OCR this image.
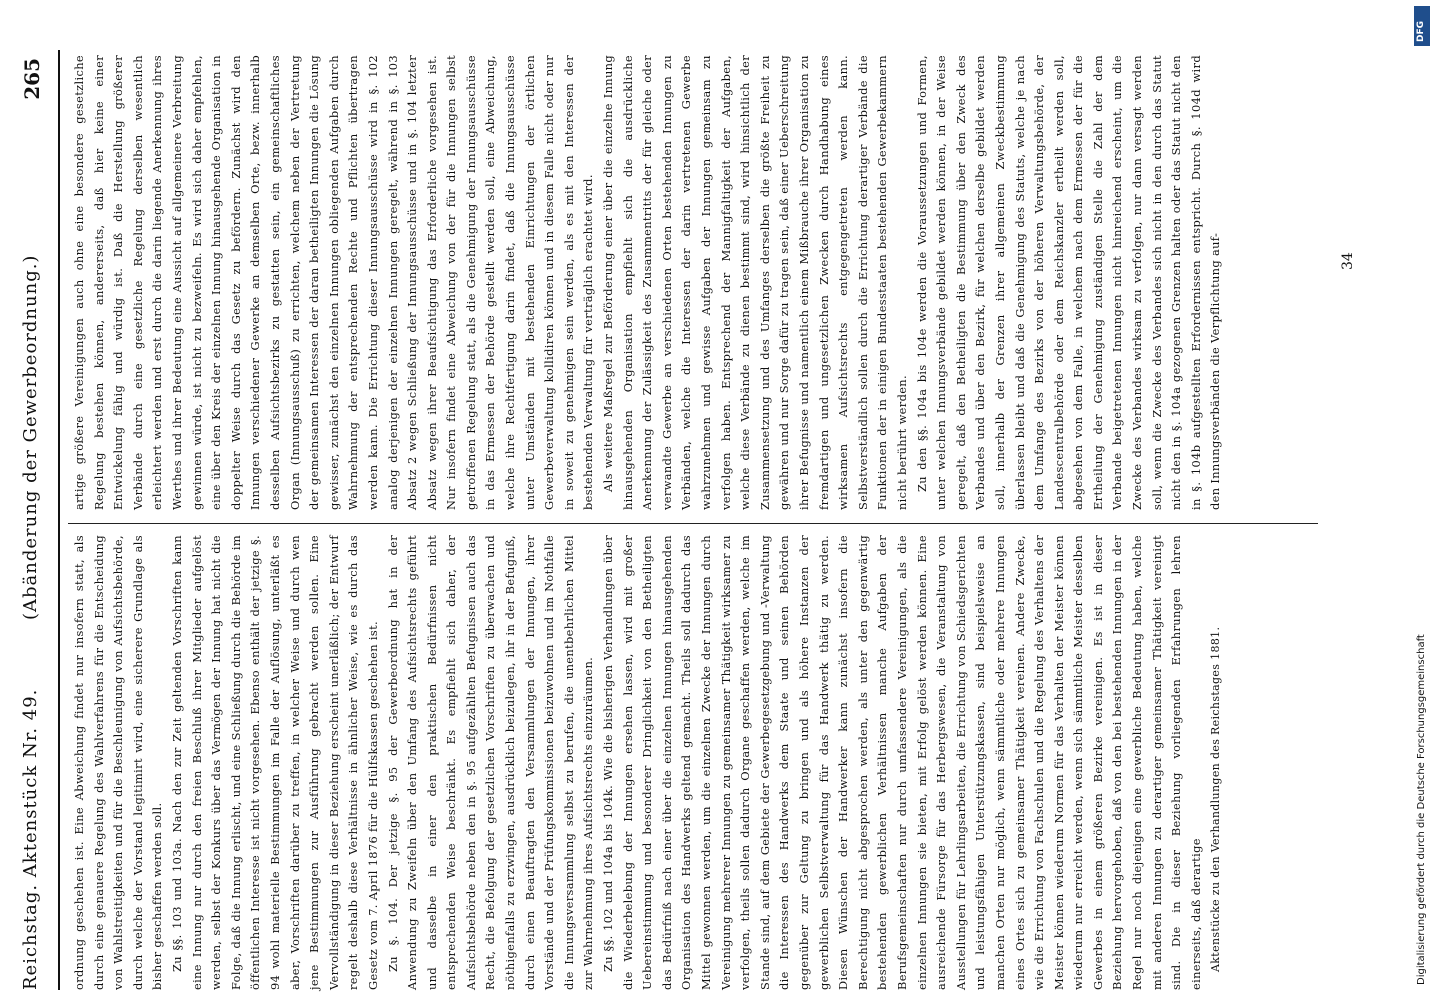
Reichstag. Aktenstück Nr. 49.
(Abänderung der Gewerbeordnung.)
265

ordnung geschehen ist. Eine Abweichung findet nur insofern statt, als durch eine genauere Regelung des Wahlverfahrens für die Entscheidung von Wahlstreitigkeiten und für die Beschleunigung von Aufsichtsbehörde, durch welche der Vorstand legitimirt wird, eine sicherere Grundlage als bisher geschaffen werden soll. Zu §§. 103 und 103a. Nach den zur Zeit geltenden Vorschriften kann eine Innung nur durch den freien Beschluß ihrer Mitglieder aufgelöst werden, selbst der Konkurs über das Vermögen der Innung hat nicht die Folge, daß die Innung erlischt, und eine Schließung durch die Behörde im öffentlichen Interesse ist nicht vorgesehen. Ebenso enthält der jetzige §. 94 wohl materielle Bestimmungen im Falle der Auflösung, unterläßt es aber, Vorschriften darüber zu treffen, in welcher Weise und durch wen jene Bestimmungen zur Ausführung gebracht werden sollen. Eine Vervollständigung in dieser Beziehung erscheint unerläßlich; der Entwurf regelt deshalb diese Verhältnisse in ähnlicher Weise, wie es durch das Gesetz vom 7. April 1876 für die Hülfskassen geschehen ist. Zu §. 104. Der jetzige §. 95 der Gewerbeordnung hat in der Anwendung zu Zweifeln über den Umfang des Aufsichtsrechts geführt und dasselbe in einer den praktischen Bedürfnissen nicht entsprechenden Weise beschränkt. Es empfiehlt sich daher, der Aufsichtsbehörde neben den in §. 95 aufgezählten Befugnissen auch das Recht, die Befolgung der gesetzlichen Vorschriften zu überwachen und nöthigenfalls zu erzwingen, ausdrücklich beizulegen, ihr in der Befugniß, durch einen Beauftragten den Versammlungen der Innungen, ihrer Vorstände und der Prüfungskommissionen beizuwohnen und im Nothfalle die Innungsversammlung selbst zu berufen, die unentbehrlichen Mittel zur Wahrnehmung ihres Aufsichtsrechts einzuräumen. Zu §§. 102 und 104a bis 104k. Wie die bisherigen Verhandlungen über die Wiederbelebung der Innungen ersehen lassen, wird mit großer Uebereinstimmung und besonderer Dringlichkeit von den Betheiligten das Bedürfniß nach einer über die einzelnen Innungen hinausgehenden Organisation des Handwerks geltend gemacht. Theils soll dadurch das Mittel gewonnen werden, um die einzelnen Zwecke der Innungen durch Vereinigung mehrerer Innungen zu gemeinsamer Thätigkeit wirksamer zu verfolgen, theils sollen dadurch Organe geschaffen werden, welche im Stande sind, auf dem Gebiete der Gewerbegesetzgebung und -Verwaltung die Interessen des Handwerks dem Staate und seinen Behörden gegenüber zur Geltung zu bringen und als höhere Instanzen der gewerblichen Selbstverwaltung für das Handwerk thätig zu werden. Diesen Wünschen der Handwerker kann zunächst insofern die Berechtigung nicht abgesprochen werden, als unter den gegenwärtig bestehenden gewerblichen Verhältnissen manche Aufgaben der Berufsgemeinschaften nur durch umfassendere Vereinigungen, als die einzelnen Innungen sie bieten, mit Erfolg gelöst werden können. Eine ausreichende Fürsorge für das Herbergswesen, die Veranstaltung von Ausstellungen für Lehrlingsarbeiten, die Errichtung von Schiedsgerichten und leistungsfähigen Unterstützungskassen, sind beispielsweise an manchen Orten nur möglich, wenn sämmtliche oder mehrere Innungen eines Ortes sich zu gemeinsamer Thätigkeit vereinen. Andere Zwecke, wie die Errichtung von Fachschulen und die Regelung des Verhaltens der Meister können wiederum Normen für das Verhalten der Meister können wiederum nur erreicht werden, wenn sich sämmtliche Meister desselben Gewerbes in einem größeren Bezirke vereinigen. Es ist in dieser Beziehung hervorgehoben, daß von den bei bestehenden Innungen in der Regel nur noch diejenigen eine gewerbliche Bedeutung haben, welche mit anderen Innungen zu derartiger gemeinsamer Thätigkeit vereinigt sind. Die in dieser Beziehung vorliegenden Erfahrungen lehren einerseits, daß derartige Aktenstücke zu den Verhandlungen des Reichstages 1881.

artige größere Vereinigungen auch ohne eine besondere gesetzliche Regelung bestehen können, andererseits, daß hier keine einer Entwickelung fähig und würdig ist. Daß die Herstellung größerer Verbände durch eine gesetzliche Regelung derselben wesentlich erleichtert werden und erst durch die darin liegende Anerkennung ihres Werthes und ihrer Bedeutung eine Aussicht auf allgemeinere Verbreitung gewinnen würde, ist nicht zu bezweifeln. Es wird sich daher empfehlen, eine über den Kreis der einzelnen Innung hinausgehende Organisation in doppelter Weise durch das Gesetz zu befördern. Zunächst wird den Innungen verschiedener Gewerke an demselben Orte, bezw. innerhalb desselben Aufsichtsbezirks zu gestatten sein, ein gemeinschaftliches Organ (Innungsausschuß) zu errichten, welchem neben der Vertretung der gemeinsamen Interessen der daran betheiligten Innungen die Lösung gewisser, zunächst den einzelnen Innungen obliegenden Aufgaben durch Wahrnehmung der entsprechenden Rechte und Pflichten übertragen werden kann. Die Errichtung dieser Innungsausschüsse wird in §. 102 analog derjenigen der einzelnen Innungen geregelt, während in §. 103 Absatz 2 wegen Schließung der Innungsausschüsse und in §. 104 letzter Absatz wegen ihrer Beaufsichtigung das Erforderliche vorgesehen ist. Nur insofern findet eine Abweichung von der für die Innungen selbst getroffenen Regelung statt, als die Genehmigung der Innungsausschüsse in das Ermessen der Behörde gestellt werden soll, eine Abweichung, welche ihre Rechtfertigung darin findet, daß die Innungsausschüsse unter Umständen mit bestehenden Einrichtungen der örtlichen Gewerbeverwaltung kollidiren können und in diesem Falle nicht oder nur in soweit zu genehmigen sein werden, als es mit den Interessen der bestehenden Verwaltung für verträglich erachtet wird. Als weitere Maßregel zur Beförderung einer über die einzelne Innung hinausgehenden Organisation empfiehlt sich die ausdrückliche Anerkennung der Zulässigkeit des Zusammentritts der für gleiche oder verwandte Gewerbe an verschiedenen Orten bestehenden Innungen zu Verbänden, welche die Interessen der darin vertretenen Gewerbe wahrzunehmen und gewisse Aufgaben der Innungen gemeinsam zu verfolgen haben. Entsprechend der Mannigfaltigkeit der Aufgaben, welche diese Verbände zu dienen bestimmt sind, wird hinsichtlich der Zusammensetzung und des Umfanges derselben die größte Freiheit zu gewähren und nur Sorge dafür zu tragen sein, daß einer Ueberschreitung ihrer Befugnisse und namentlich einem Mißbrauche ihrer Organisation zu fremdartigen und ungesetzlichen Zwecken durch Handhabung eines wirksamen Aufsichtsrechts entgegengetreten werden kann. Selbstverständlich sollen durch die Errichtung derartiger Verbände die Funktionen der in einigen Bundesstaaten bestehenden Gewerbekammern nicht berührt werden. Zu den §§. 104a bis 104e werden die Voraussetzungen und Formen, unter welchen Innungsverbände gebildet werden können, in der Weise geregelt, daß den Betheiligten die Bestimmung über den Zweck des Verbandes und über den Bezirk, für welchen derselbe gebildet werden soll, innerhalb der Grenzen ihrer allgemeinen Zweckbestimmung überlassen bleibt und daß die Genehmigung des Statuts, welche je nach dem Umfange des Bezirks von der höheren Verwaltungsbehörde, der Landescentralbehörde oder dem Reichskanzler ertheilt werden soll, abgesehen von dem Falle, in welchem nach dem Ermessen der für die Ertheilung der Genehmigung zuständigen Stelle die Zahl der dem Verbande beigetretenen Innungen nicht hinreichend erscheint, um die Zwecke des Verbandes wirksam zu verfolgen, nur dann versagt werden soll, wenn die Zwecke des Verbandes sich nicht in den durch das Statut nicht den in §. 104a gezogenen Grenzen halten oder das Statut nicht den in §. 104b aufgestellten Erfordernissen entspricht. Durch §. 104d wird den Innungsverbänden die Verpflichtung auf-	34
DFG
Digitalisierung gefördert durch die Deutsche Forschungsgemeinschaft
